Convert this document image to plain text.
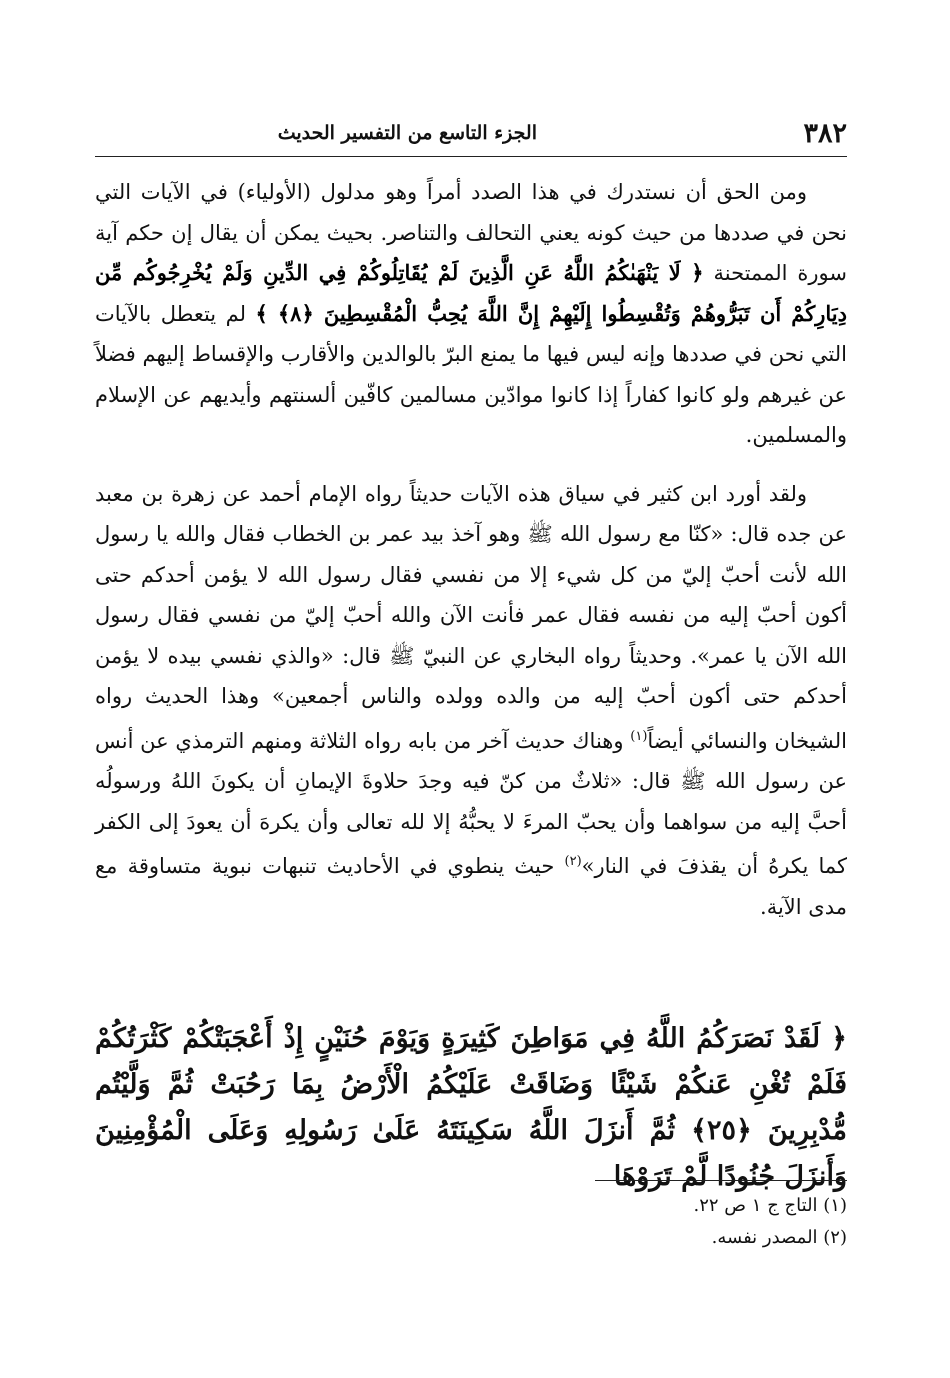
٣٨٢
الجزء التاسع من التفسير الحديث

ومن الحق أن نستدرك في هذا الصدد أمراً وهو مدلول (الأولياء) في الآيات التي نحن في صددها من حيث كونه يعني التحالف والتناصر. بحيث يمكن أن يقال إن حكم آية سورة الممتحنة ﴿ لَا يَنْهَىٰكُمُ اللَّهُ عَنِ الَّذِينَ لَمْ يُقَاتِلُوكُمْ فِي الدِّينِ وَلَمْ يُخْرِجُوكُم مِّن دِيَارِكُمْ أَن تَبَرُّوهُمْ وَتُقْسِطُوا إِلَيْهِمْ إِنَّ اللَّهَ يُحِبُّ الْمُقْسِطِينَ ﴿٨﴾ ﴾ لم يتعطل بالآيات التي نحن في صددها وإنه ليس فيها ما يمنع البرّ بالوالدين والأقارب والإقساط إليهم فضلاً عن غيرهم ولو كانوا كفاراً إذا كانوا موادّين مسالمين كافّين ألسنتهم وأيديهم عن الإسلام والمسلمين.

ولقد أورد ابن كثير في سياق هذه الآيات حديثاً رواه الإمام أحمد عن زهرة بن معبد عن جده قال: «كنّا مع رسول الله ﷺ وهو آخذ بيد عمر بن الخطاب فقال والله يا رسول الله لأنت أحبّ إليّ من كل شيء إلا من نفسي فقال رسول الله لا يؤمن أحدكم حتى أكون أحبّ إليه من نفسه فقال عمر فأنت الآن والله أحبّ إليّ من نفسي فقال رسول الله الآن يا عمر». وحديثاً رواه البخاري عن النبيّ ﷺ قال: «والذي نفسي بيده لا يؤمن أحدكم حتى أكون أحبّ إليه من والده وولده والناس أجمعين» وهذا الحديث رواه الشيخان والنسائي أيضاً$^{(١)}$ وهناك حديث آخر من بابه رواه الثلاثة ومنهم الترمذي عن أنس عن رسول الله ﷺ قال: «ثلاثٌ من كنّ فيه وجدَ حلاوةَ الإيمانِ أن يكونَ اللهُ ورسولُه أحبَّ إليه من سواهما وأن يحبّ المرءَ لا يحبُّهُ إلا لله تعالى وأن يكرهَ أن يعودَ إلى الكفر كما يكرهُ أن يقذفَ في النار»$^{(٢)}$ حيث ينطوي في الأحاديث تنبهات نبوية متساوقة مع مدى الآية.

﴿ لَقَدْ نَصَرَكُمُ اللَّهُ فِي مَوَاطِنَ كَثِيرَةٍ وَيَوْمَ حُنَيْنٍ إِذْ أَعْجَبَتْكُمْ كَثْرَتُكُمْ فَلَمْ تُغْنِ عَنكُمْ شَيْئًا وَضَاقَتْ عَلَيْكُمُ الْأَرْضُ بِمَا رَحُبَتْ ثُمَّ وَلَّيْتُم مُّدْبِرِينَ ﴿٢٥﴾ ثُمَّ أَنزَلَ اللَّهُ سَكِينَتَهُ عَلَىٰ رَسُولِهِ وَعَلَى الْمُؤْمِنِينَ وَأَنزَلَ جُنُودًا لَّمْ تَرَوْهَا

(١) التاج ج ١ ص ٢٢.

(٢) المصدر نفسه.
